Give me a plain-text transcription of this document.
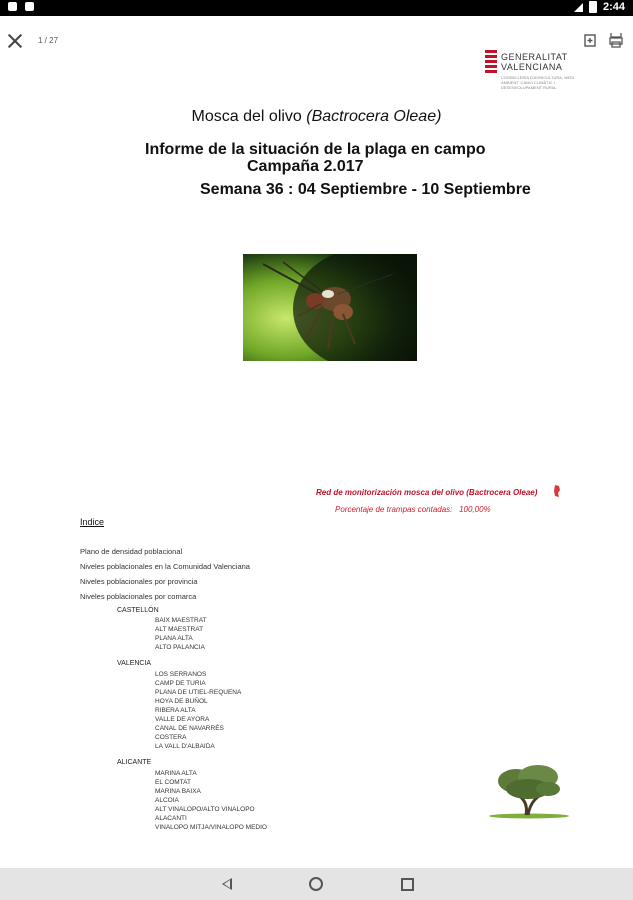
2:44
1 / 27
GENERALITAT
VALENCIANA
CONSELLERIA D'AGRICULTURA, MEDI AMBIENT, CANVI CLIMÀTIC I DESENVOLUPAMENT RURAL
Mosca del olivo (Bactrocera Oleae)
Informe de la situación de la plaga en campo
Campaña 2.017
Semana 36 : 04 Septiembre - 10 Septiembre
Red de monitorización mosca del olivo (Bactrocera Oleae)
Porcentaje de trampas contadas: 100,00%
Indice
Plano de densidad poblacional
Niveles poblacionales en la Comunidad Valenciana
Niveles poblacionales por provincia
Niveles poblacionales por comarca
CASTELLÓN
BAIX MAESTRAT
ALT MAESTRAT
PLANA ALTA
ALTO PALANCIA
VALENCIA
LOS SERRANOS
CAMP DE TURIA
PLANA DE UTIEL-REQUENA
HOYA DE BUÑOL
RIBERA ALTA
VALLE DE AYORA
CANAL DE NAVARRÉS
COSTERA
LA VALL D'ALBAIDA
ALICANTE
MARINA ALTA
EL COMTAT
MARINA BAIXA
ALCOIA
ALT VINALOPO/ALTO VINALOPO
ALACANTI
VINALOPO MITJA/VINALOPO MEDIO
